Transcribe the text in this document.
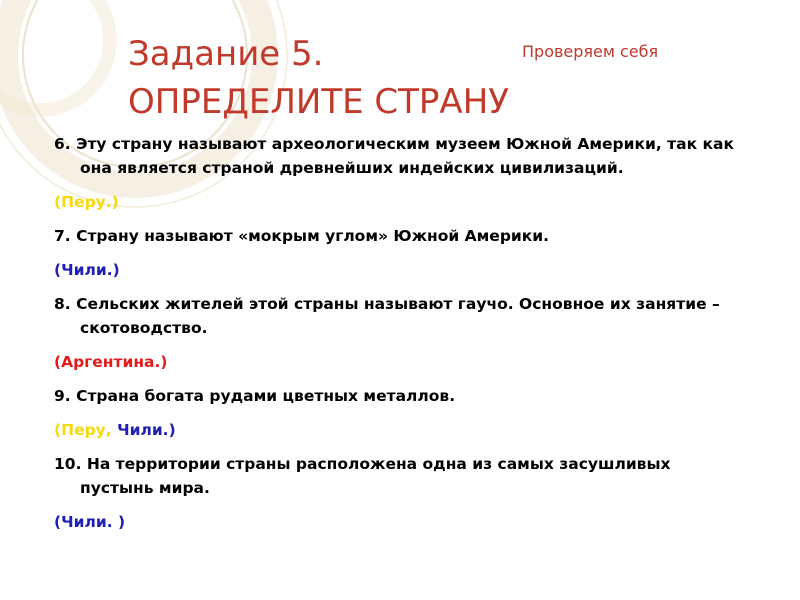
Задание 5.
ОПРЕДЕЛИТЕ СТРАНУ
Проверяем себя
6. Эту страну называют археологическим музеем Южной Америки, так как она является страной древнейших индейских цивилизаций.
(Перу.)
7. Страну называют «мокрым углом» Южной Америки.
(Чили.)
8. Сельских жителей этой страны называют гаучо. Основное их занятие – скотоводство.
(Аргентина.)
9. Страна богата рудами цветных металлов.
(Перу, Чили.)
10. На территории страны расположена одна из самых засушливых пустынь мира.
(Чили. )
